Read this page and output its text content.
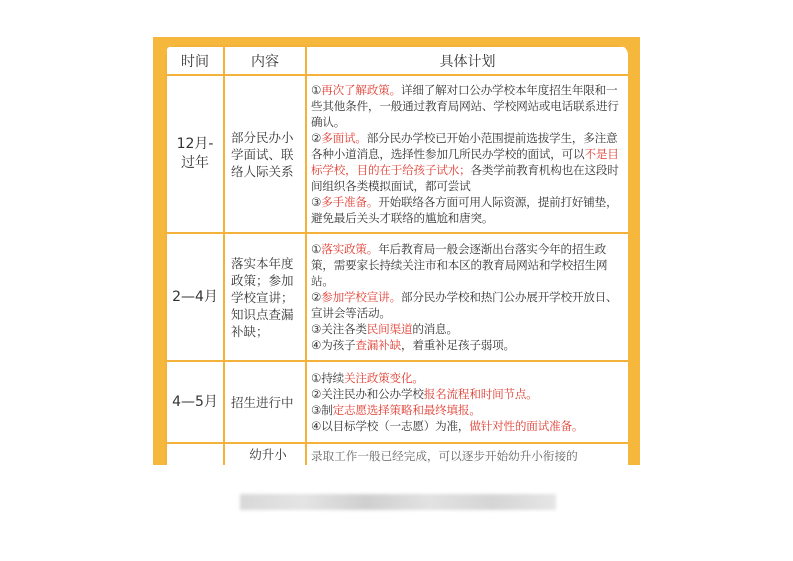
时间	内容	具体计划

12月-过年	部分民办小学面试、联络人际关系	①再次了解政策。详细了解对口公办学校本年度招生年限和一些其他条件，一般通过教育局网站、学校网站或电话联系进行确认。
②多面试。部分民办学校已开始小范围提前选拔学生，多注意各种小道消息，选择性参加几所民办学校的面试，可以不是目标学校，目的在于给孩子试水；各类学前教育机构也在这段时间组织各类模拟面试，都可尝试
③多手准备。开始联络各方面可用人际资源，提前打好铺垫，避免最后关头才联络的尴尬和唐突。

2—4月	落实本年度政策；参加学校宣讲；知识点查漏补缺；	①落实政策。年后教育局一般会逐渐出台落实今年的招生政策，需要家长持续关注市和本区的教育局网站和学校招生网站。
②参加学校宣讲。部分民办学校和热门公办展开学校开放日、宣讲会等活动。
③关注各类民间渠道的消息。
④为孩子查漏补缺，着重补足孩子弱项。

4—5月	招生进行中	①持续关注政策变化。
②关注民办和公办学校报名流程和时间节点。
③制定志愿选择策略和最终填报。
④以目标学校（一志愿）为准，做针对性的面试准备。

	幼升小	录取工作一般已经完成，可以逐步开始幼升小衔接的
